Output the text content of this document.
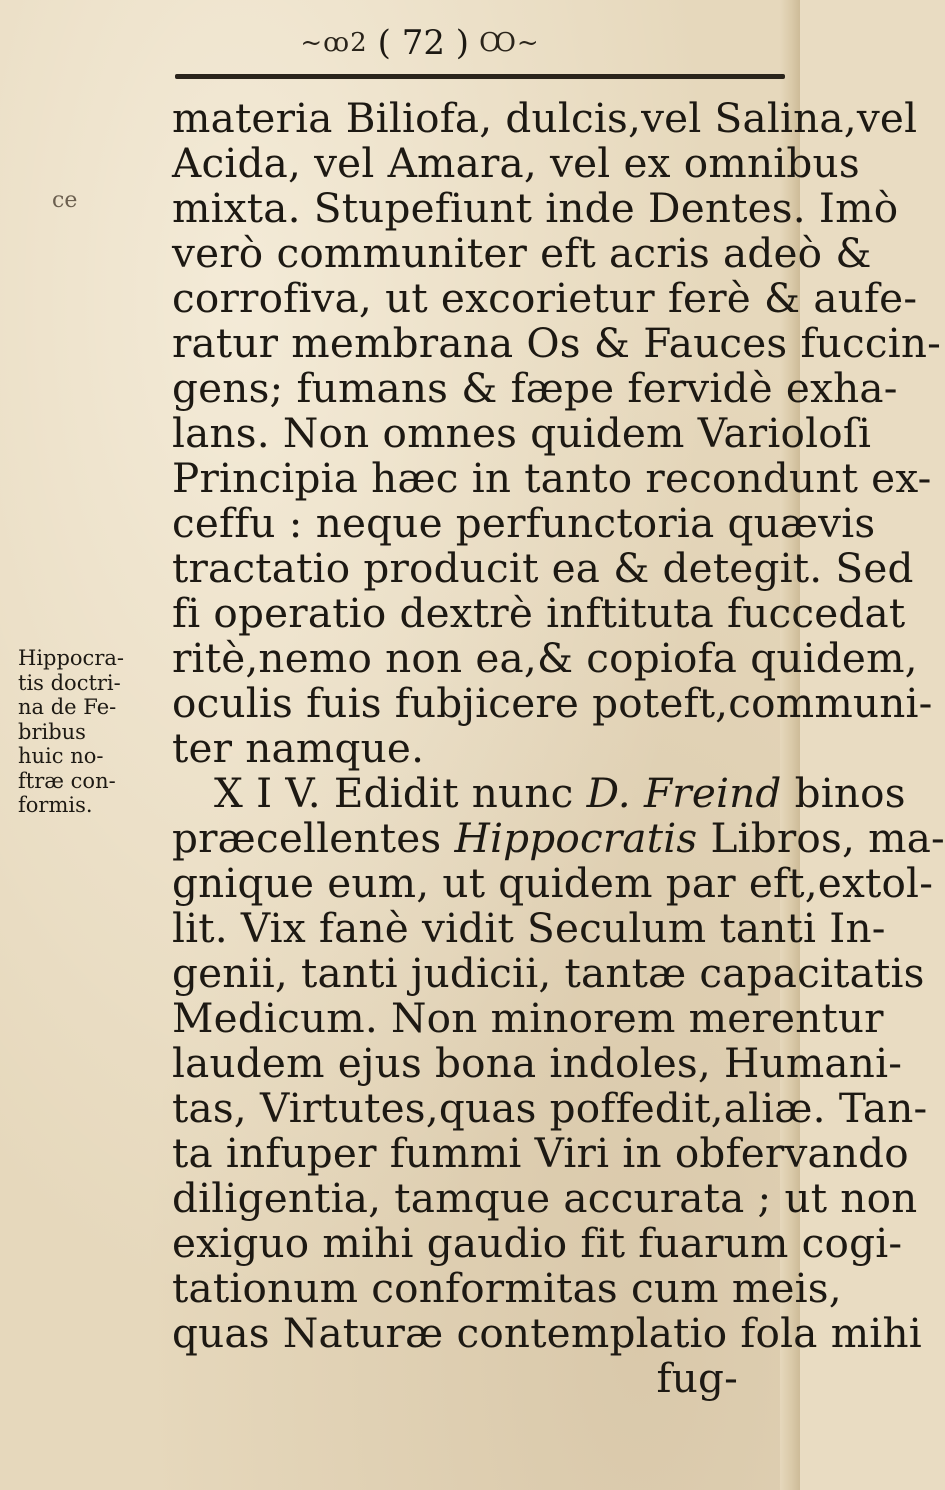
~ꝏ2 ( 72 ) Ꝏ~
ce
materia Biliofa, dulcis,vel Salina,vel
Acida, vel Amara, vel ex omnibus
mixta. Stupefiunt inde Dentes. Imò
verò communiter eft acris adeò &
corrofiva, ut excorietur ferè & aufe-
ratur membrana Os & Fauces fuccin-
gens; fumans & fæpe fervidè exha-
lans. Non omnes quidem Varioloſi
Principia hæc in tanto recondunt ex-
ceffu : neque perfunctoria quævis
tractatio producit ea & detegit. Sed
fi operatio dextrè inftituta fuccedat
ritè,nemo non ea,& copiofa quidem,
oculis fuis fubjicere poteft,communi-
ter namque.
X I V. Edidit nunc D. Freind binos
præcellentes Hippocratis Libros, ma-
gnique eum, ut quidem par eft,extol-
lit. Vix fanè vidit Seculum tanti In-
genii, tanti judicii, tantæ capacitatis
Medicum. Non minorem merentur
laudem ejus bona indoles, Humani-
tas, Virtutes,quas poffedit,aliæ. Tan-
ta infuper fummi Viri in obfervando
diligentia, tamque accurata ; ut non
exiguo mihi gaudio fit fuarum cogi-
tationum conformitas cum meis,
quas Naturæ contemplatio fola mihi
fug-
Hippocra-
tis doctri-
na de Fe-
bribus
huic no-
ftræ con-
formis.
